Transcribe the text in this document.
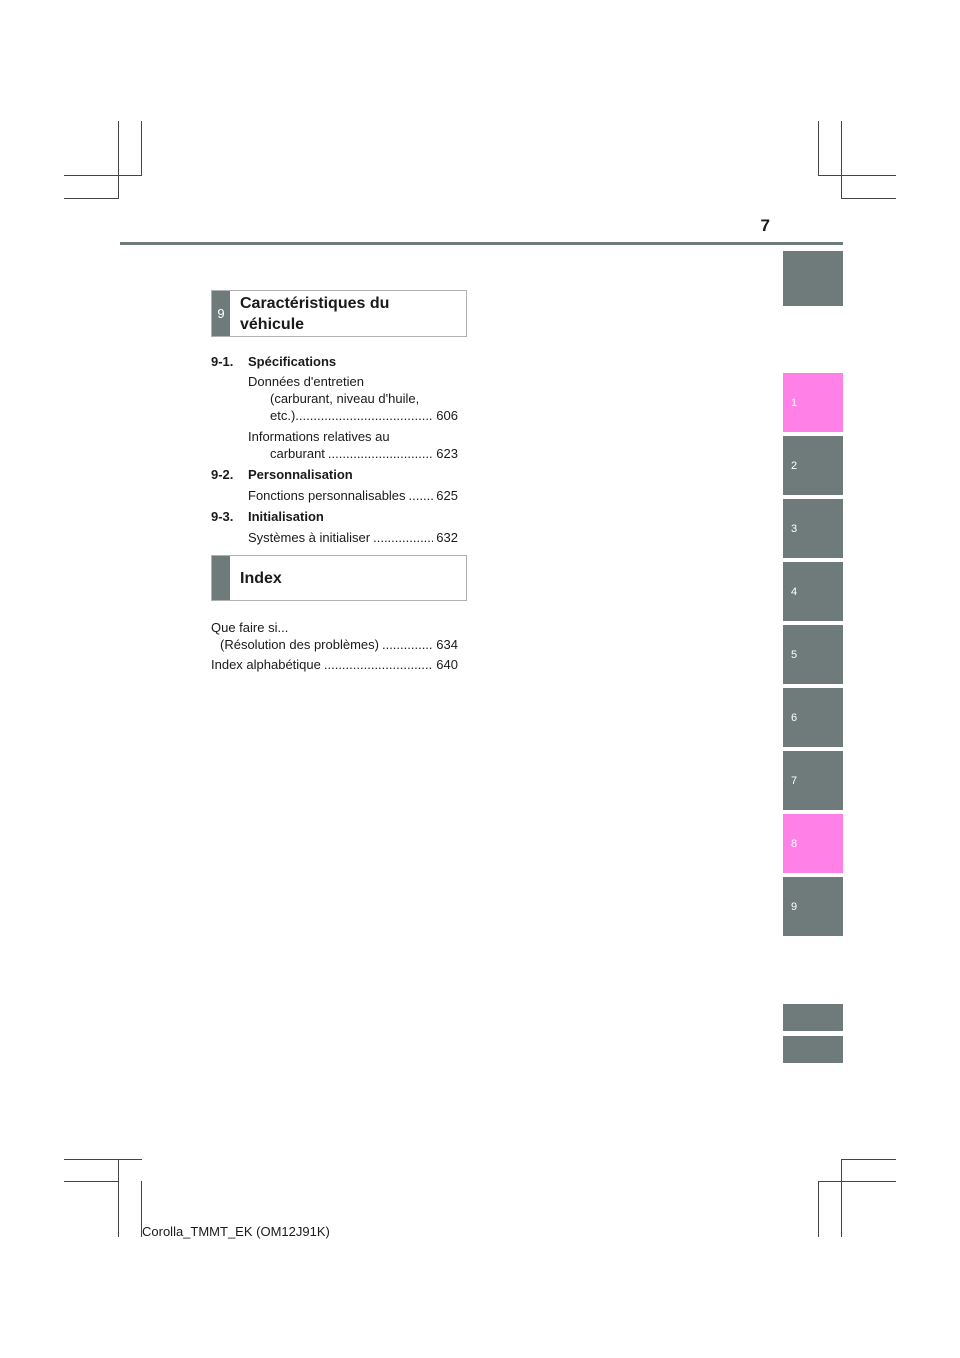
7
1
2
3
4
5
6
7
8
9
9
Caractéristiques du
véhicule
9-1. Spécifications
Données d'entretien
(carburant, niveau d'huile,
etc.) .....	606
Informations relatives au
carburant .....	623
9-2. Personnalisation
Fonctions personnalisables ..... 625
9-3. Initialisation
Systèmes à initialiser .....	632
Index
Que faire si...
(Résolution des problèmes) .....	634
Index alphabétique .....	640
Corolla_TMMT_EK (OM12J91K)
